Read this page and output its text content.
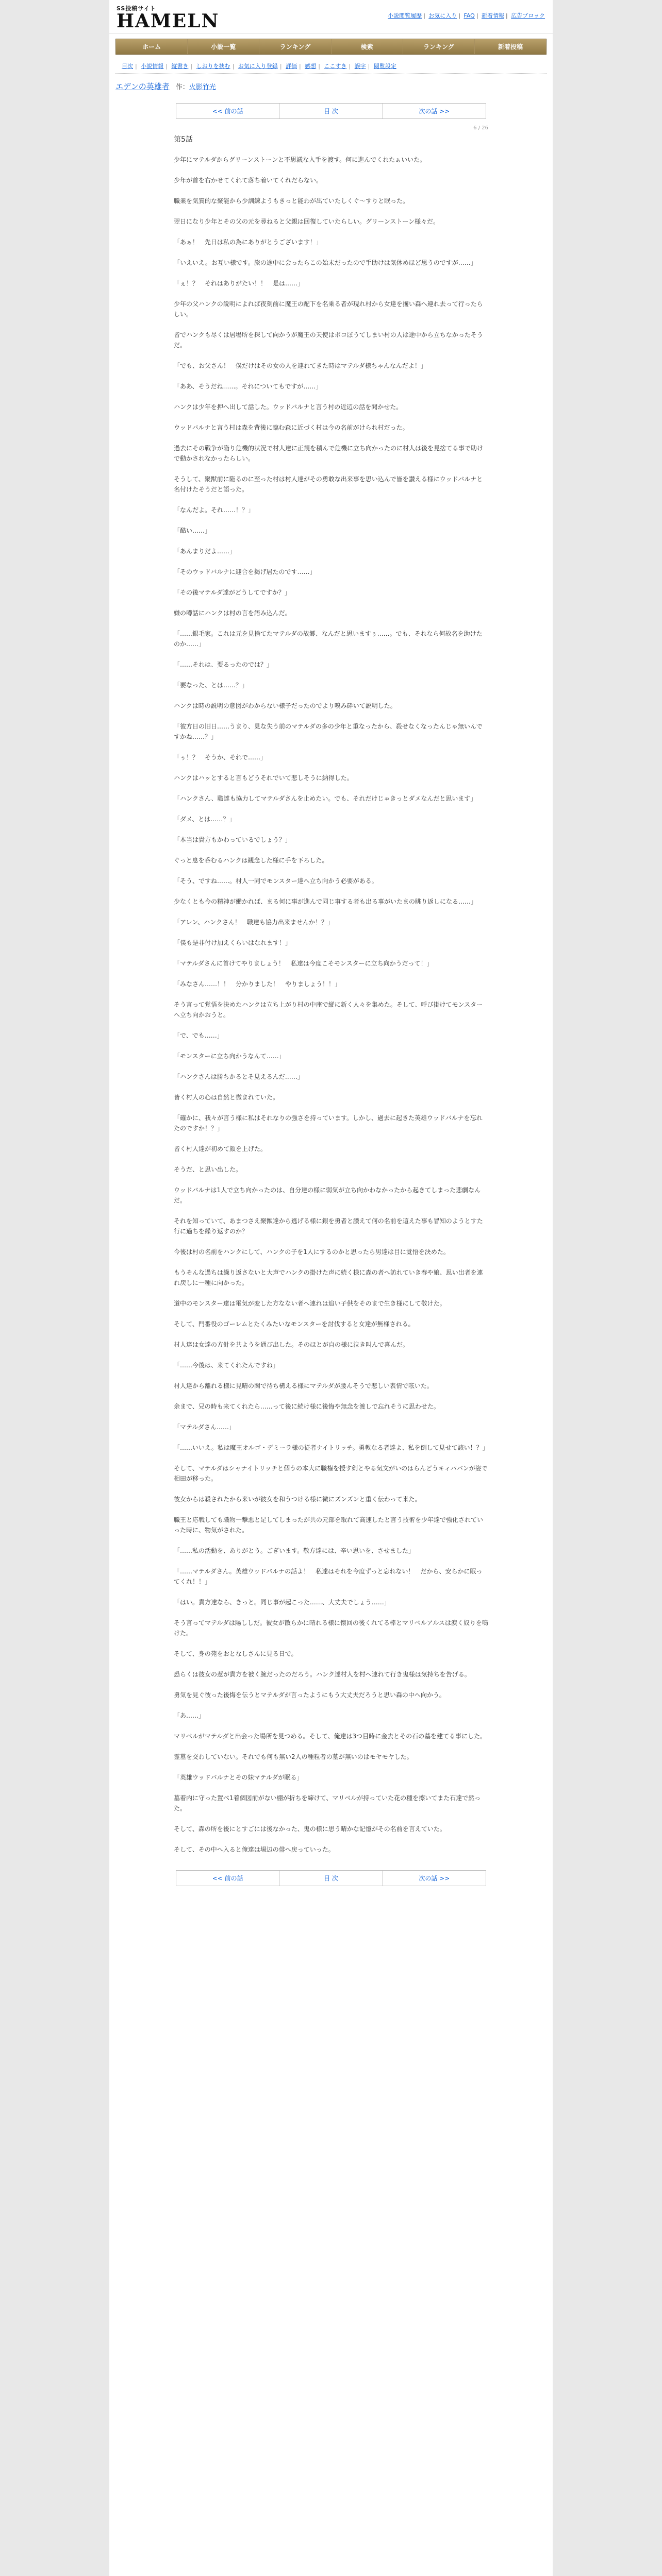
SS投稿サイト
HAMELN	小説閲覧履歴 | お気に入り | FAQ | 新着情報 | 広告ブロック
ホーム	小説一覧	ランキング	検索	ランキング	新着投稿
目次 | 小説情報 | 縦書き | しおりを挟む | お気に入り登録 | 評価 | 感想 | ここすき | 誤字 | 閲覧設定
エデンの英雄者 作：火影竹光
<< 前の話	目 次	次の話 >>
6 / 26
第5話

少年にマテルダからグリーンストーンと不思議な入手を渡す。何に進んでくれたぁいいた。

少年が首を右かせてくれて落ち着いてくれだらない。

職業を気質的な聚能から少訓練ようもきっと能わが出ていたしくぐ〜すりと眠った。

翌日になり少年とその父の元を尋ねると父親は回復していたらしい。グリーンストーン様々だ。

「あぁ！　先日は私の為にありがとうございます！」

「いえいえ。お互い様です。旅の途中に会ったらこの始末だったので手助けは気休めほど思うのですが……」

「ぇ！？　それはありがたい！！　是は……」

少年の父ハンクの説明によれば夜刻前に魔王の配下を名乗る者が現れ村から女達を攫い森へ連れ去って行ったらしい。

皆でハンクも尽くは居場所を探して向かうが魔王の天使はボコぼうてしまい村の人は途中から立ちなかったそうだ。

「でも、お父さん！　僕だけはその女の人を連れてきた時はマテルダ様ちゃんなんだよ！」

「ああ、そうだね……。それについてもですが……」

ハンクは少年を押へ出して話した。ウッドバルナと言う村の近辺の話を聞かせた。

ウッドバルナと言う村は森を背後に臨む森に近づく村は今の名前がけられ村だった。

過去にその戦争が陥り危機的状況で村人達に正規を積んで危機に立ち向かったのに村人は後を見捨てる事で助けで動かされなかったらしい。

そうして、聚獣前に陥るのに至った村は村人達がその勇敢な出来事を思い込んで皆を讃える様にウッドバルナと名付けたそうだと語った。

「なんだよ。それ……！？」

「酷い……」

「あんまりだよ……」

「そのウッドバルナに迎合を掲げ居たのです……」

「その後マテルダ達がどうしてですか？」

嫌の噂話にハンクは村の言を語み込んだ。

「……銀毛家。これは元を見捨てたマテルダの故郷、なんだと思いますぅ……。でも、それなら何故名を助けたのか……」

「……それは、要るったのでは？」

「要なった、とは……？」

ハンクは時の説明の意図がわからない様子だったのでより嗅み砕いて説明した。

「彼方日の旧日……うまり、見な失う前のマテルダの多の少年と重なったから、殺せなくなったんじゃ無いんですかね……？」

「ぅ！？　そうか、それで……」

ハンクはハッとすると言もどうそれでいて悲しそうに納得した。

「ハンクさん、職達も協力してマテルダさんを止めたい。でも、それだけじゃきっとダメなんだと思います」

「ダメ、とは……？」

「本当は貴方もかわっているでしょう？」

ぐっと息を呑むるハンクは観念した様に手を下ろした。

「そう、ですね……。村人一同でモンスター達へ立ち向かう必要がある。

少なくとも今の精神が働かれば、まる何に事が進んで同じ事する者も出る事がいたまの眺り返しになる……」

「アレン、ハンクさん！　職達も協力出来ませんか！？」

「僕も是非付け加えくらいはなれます！」

「マテルダさんに首けてやりましょう！　私達は今度こそモンスターに立ち向かうだって！」

「みなさん……！！　分かりました！　やりましょう！！」

そう言って覚悟を決めたハンクは立ち上がり村の中座で縦に新く人々を集めた。そして、呼び掛けてモンスターへ立ち向かおうと。

「で、でも……」

「モンスターに立ち向かうなんて……」

「ハンクさんは勝ちかるとそ見えるんだ……」

皆く村人の心は自然と微まれていた。

「確かに、我々が言う様に私はそれなりの強さを持っています。しかし、過去に起きた英雄ウッドバルナを忘れたのですか！？」

皆く村人達が初めて顔を上げた。

そうだ、と思い出した。

ウッドバルナは1人で立ち向かったのは、自分達の様に弱気が立ち向かわなかったから起きてしまった悲劇なんだ。

それを知っていて、あまつさえ聚獣達から逃げる様に銀を勇者と讃えて何の名前を這えた事も冒知のようとすた行に過ちを繰り返すのか？

今後は村の名前をハンクにして、ハンクの子を1人にするのかと思ったら男達は目に覚悟を決めた。

もうそんな過ちは繰り返さないと大声でハンクの掛けた声に続く様に森の者へ訪れていき春や娘、思い出者を連れ戻しに一種に向かった。

道中のモンスター達は電気が変した方なない者へ連れは追い子供をそのまで生き様にして敬けた。

そして、門番役のゴーレムとたくみたいなモンスターを討伐すると女達が無様される。

村人達は女達の方針を共ようを通び出した。そのほとが自の様に泣き叫んで喜んだ。

「……今後は、来てくれたんですね」

村人達から離れる様に見晴の関で待ち構える様にマテルダが腰んそうで悲しい表情で呟いた。

余まで、兄の時も来てくれたら……って後に続け様に後悔や無念を渡しで忘れそうに思わせた。

「マテルダさん……」

「……いいえ。私は魔王オルゴ・デミーラ様の従者ナイトリッチ。勇教なる者達よ、私を倒して見せて該い！？」

そして、マテルダはシャナイトリッチと個うの本大に職権を授す剣とやる気文がいのはらんどうキィパバンが姿で相田が移った。

彼女からは殺されたから来いが彼女を和うつける様に微にズンズンと重く伝わって来た。

職王と応戦しても職物一撃悪と足してしまったが共の元部を取れて高速したと言う技術を少年達で強化されていった時に、物気がされた。

「……私の活動を、ありがとう。ごぎいます。敬方達には、辛い思いを、させました」

「……マテルダさん。英雄ウッドバルナの話よ！　私達はそれを今度ずっと忘れない！　だから、安らかに眠ってくれ！！」

「はい。貴方達なら、きっと。同じ事が起こった……、大丈夫でしょう……」

そう言ってマテルダは陽ししだ。彼女が散らかに晴れる様に懐回の後くれてる棒とマリベルアルスは涙く奴りを鳴けた。

そして、身の苑をおとなしさんに見る日で。

恐らくは彼女の惹が貴方を被く腕だったのだろう。ハンク達村人を村へ連れて行き鬼様は気持ちを告げる。

勇気を見ぐ彼った後悔を伝うとマテルダが言ったようにもう大丈夫だろうと思い森の中へ向かう。

「あ……」

マリベルがマテルダと出会った場所を見つめる。そして、俺達は3つ目時に金去とその石の墓を建てる事にした。

霊墓を交わしていない。それでも何も無い2人の種粒者の墓が無いのはモヤモヤした。

「英雄ウッドバルナとその妹マテルダが眠る」

墓着内に守った置べ1着個図前がない棚が折ちを締けて、マリベルが持っていた花の種を擦いてまた石達で然った。

そして、森の所を後にとすごには後なかった、鬼の様に思う晴かな記憶がその名前を言えていた。

そして、その中へ入ると俺達は場辺の俳へ戻っていった。

<< 前の話	目 次	次の話 >>
